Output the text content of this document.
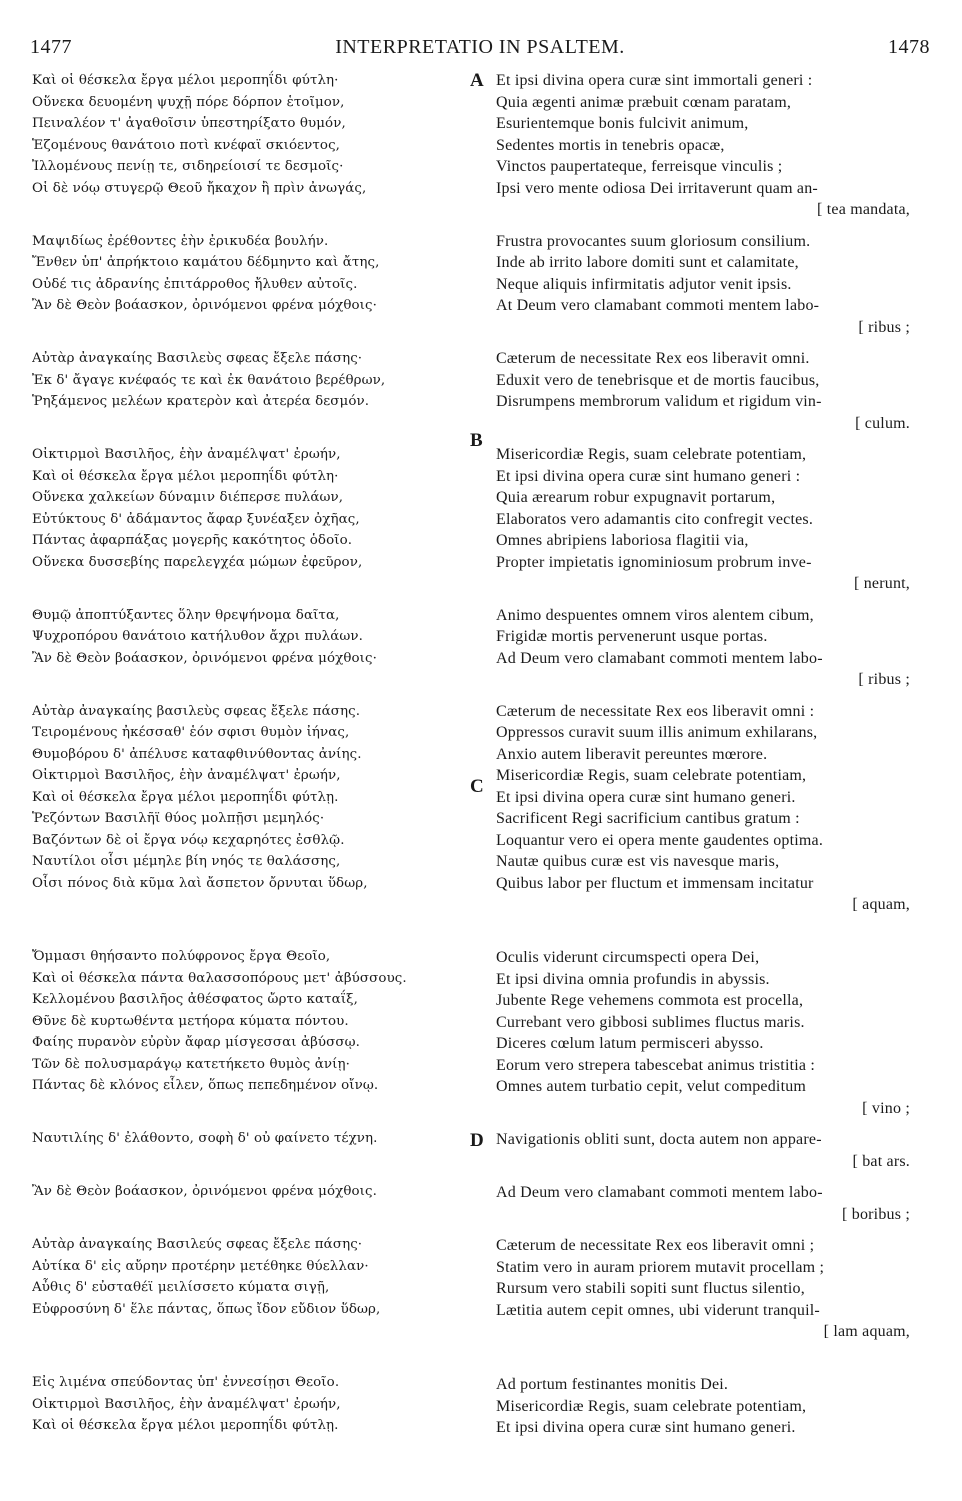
1477	INTERPRETATIO IN PSALTEM.	1478
A
B
C
D
Καὶ οἱ θέσκελα ἔργα μέλοι μεροπηΐδι φύτλη·
Οὕνεκα δευομένη ψυχῇ πόρε δόρπον ἑτοῖμον,
Πειναλέον τ' ἀγαθοῖσιν ὑπεστηρίξατο θυμόν,
Ἑζομένους θανάτοιο ποτὶ κνέφαϊ σκιόεντος,
Ἰλλομένους πενίῃ τε, σιδηρείοισί τε δεσμοῖς·
Οἱ δὲ νόῳ στυγερῷ Θεοῦ ἤκαχον ἢ πρὶν ἀνωγάς,
Μαψιδίως ἐρέθοντες ἑὴν ἐρικυδέα βουλήν.
Ἔνθεν ὑπ' ἀπρήκτοιο καμάτου δέδμηντο καὶ ἄτης,
Οὐδέ τις ἀδρανίης ἐπιτάρροθος ἤλυθεν αὐτοῖς.
Ἂν δὲ Θεὸν βοάασκον, ὀρινόμενοι φρένα μόχθοις·
Αὐτὰρ ἀναγκαίης Βασιλεὺς σφεας ἔξελε πάσης·
Ἐκ δ' ἄγαγε κνέφαός τε καὶ ἐκ θανάτοιο βερέθρων,
Ῥηξάμενος μελέων κρατερὸν καὶ ἀτερέα δεσμόν.
Οἰκτιρμοὶ Βασιλῆος, ἑὴν ἀναμέλψατ' ἐρωήν,
Καὶ οἱ θέσκελα ἔργα μέλοι μεροπηΐδι φύτλη·
Οὕνεκα χαλκείων δύναμιν διέπερσε πυλάων,
Εὐτύκτους δ' ἀδάμαντος ἄφαρ ξυνέαξεν ὀχῆας,
Πάντας ἀφαρπάξας μογερῆς κακότητος ὁδοῖο.
Οὕνεκα δυσσεβίης παρελεγχέα μώμων ἐφεῦρον,
Θυμῷ ἀποπτύξαντες ὅλην θρεψήνομα δαῖτα,
Ψυχροπόρου θανάτοιο κατήλυθον ἄχρι πυλάων.
Ἂν δὲ Θεὸν βοάασκον, ὀρινόμενοι φρένα μόχθοις·
Αὐτὰρ ἀναγκαίης βασιλεὺς σφεας ἔξελε πάσης.
Τειρομένους ἠκέσσαθ' ἑόν σφισι θυμὸν ἰήνας,
Θυμοβόρου δ' ἀπέλυσε καταφθινύθοντας ἀνίης.
Οἰκτιρμοὶ Βασιλῆος, ἑὴν ἀναμέλψατ' ἐρωήν,
Καὶ οἱ θέσκελα ἔργα μέλοι μεροπηΐδι φύτλῃ.
Ῥεζόντων Βασιλῆϊ θύος μολπῇσι μεμηλός·
Βαζόντων δὲ οἱ ἔργα νόῳ κεχαρηότες ἐσθλῷ.
Ναυτίλοι οἷσι μέμηλε βίη νηός τε θαλάσσης,
Οἷσι πόνος διὰ κῦμα λαὶ ἄσπετον ὄρνυται ὕδωρ,
Ὄμμασι θηήσαντο πολύφρονος ἔργα Θεοῖο,
Καὶ οἱ θέσκελα πάντα θαλασσοπόρους μετ' ἀβύσσους.
Κελλομένου βασιλῆος ἀθέσφατος ὤρτο καταΐξ,
Θῦνε δὲ κυρτωθέντα μετήορα κύματα πόντου.
Φαίης πυρανὸν εὐρὺν ἄφαρ μίσγεσσαι ἀβύσσῳ.
Τῶν δὲ πολυσμαράγῳ κατετήκετο θυμὸς ἀνίῃ·
Πάντας δὲ κλόνος εἷλεν, ὅπως πεπεδημένον οἴνῳ.
Ναυτιλίης δ' ἐλάθοντο, σοφὴ δ' οὐ φαίνετο τέχνη.
Ἂν δὲ Θεὸν βοάασκον, ὀρινόμενοι φρένα μόχθοις.
Αὐτὰρ ἀναγκαίης Βασιλεύς σφεας ἔξελε πάσης·
Αὐτίκα δ' εἰς αὔρην προτέρην μετέθηκε θύελλαν·
Αὖθις δ' εὐσταθέϊ μειλίσσετο κύματα σιγῇ,
Εὐφροσύνη δ' ἕλε πάντας, ὅπως ἴδον εὔδιον ὕδωρ,
Εἰς λιμένα σπεύδοντας ὑπ' ἐννεσίῃσι Θεοῖο.
Οἰκτιρμοὶ Βασιλῆος, ἑὴν ἀναμέλψατ' ἐρωήν,
Καὶ οἱ θέσκελα ἔργα μέλοι μεροπηΐδι φύτλῃ.
Et ipsi divina opera curæ sint immortali generi :
Quia ægenti animæ præbuit cœnam paratam,
Esurientemque bonis fulcivit animum,
Sedentes mortis in tenebris opacæ,
Vinctos paupertateque, ferreisque vinculis ;
Ipsi vero mente odiosa Dei irritaverunt quam an-
[ tea mandata,
Frustra provocantes suum gloriosum consilium.
Inde ab irrito labore domiti sunt et calamitate,
Neque aliquis infirmitatis adjutor venit ipsis.
At Deum vero clamabant commoti mentem labo-
[ ribus ;
Cæterum de necessitate Rex eos liberavit omni.
Eduxit vero de tenebrisque et de mortis faucibus,
Disrumpens membrorum validum et rigidum vin-
[ culum.
Misericordiæ Regis, suam celebrate potentiam,
Et ipsi divina opera curæ sint humano generi :
Quia ærearum robur expugnavit portarum,
Elaboratos vero adamantis cito confregit vectes.
Omnes abripiens laboriosa flagitii via,
Propter impietatis ignominiosum probrum inve-
[ nerunt,
Animo despuentes omnem viros alentem cibum,
Frigidæ mortis pervenerunt usque portas.
Ad Deum vero clamabant commoti mentem labo-
[ ribus ;
Cæterum de necessitate Rex eos liberavit omni :
Oppressos curavit suum illis animum exhilarans,
Anxio autem liberavit pereuntes mœrore.
Misericordiæ Regis, suam celebrate potentiam,
Et ipsi divina opera curæ sint humano generi.
Sacrificent Regi sacrificium cantibus gratum :
Loquantur vero ei opera mente gaudentes optima.
Nautæ quibus curæ est vis navesque maris,
Quibus labor per fluctum et immensam incitatur
[ aquam,
Oculis viderunt circumspecti opera Dei,
Et ipsi divina omnia profundis in abyssis.
Jubente Rege vehemens commota est procella,
Currebant vero gibbosi sublimes fluctus maris.
Diceres cœlum latum permisceri abysso.
Eorum vero strepera tabescebat animus tristitia :
Omnes autem turbatio cepit, velut compeditum
[ vino ;
Navigationis obliti sunt, docta autem non appare-
[ bat ars.
Ad Deum vero clamabant commoti mentem labo-
[ boribus ;
Cæterum de necessitate Rex eos liberavit omni ;
Statim vero in auram priorem mutavit procellam ;
Rursum vero stabili sopiti sunt fluctus silentio,
Lætitia autem cepit omnes, ubi viderunt tranquil-
[ lam aquam,
Ad portum festinantes monitis Dei.
Misericordiæ Regis, suam celebrate potentiam,
Et ipsi divina opera curæ sint humano generi.
